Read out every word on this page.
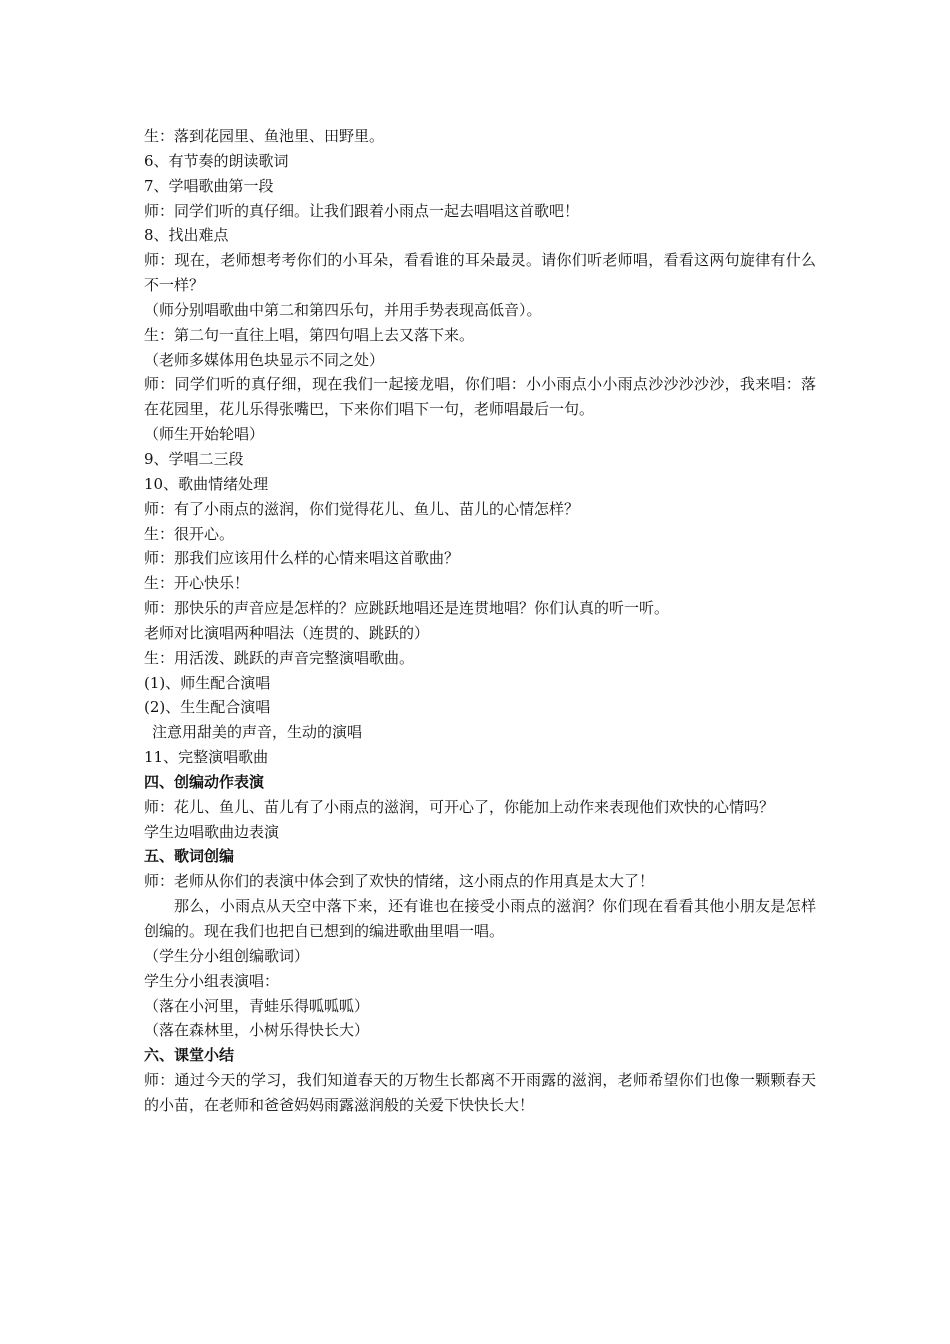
生：落到花园里、鱼池里、田野里。
6、有节奏的朗读歌词
7、学唱歌曲第一段
师：同学们听的真仔细。让我们跟着小雨点一起去唱唱这首歌吧！
8、找出难点
师：现在，老师想考考你们的小耳朵，看看谁的耳朵最灵。请你们听老师唱，看看这两句旋律有什么不一样？
（师分别唱歌曲中第二和第四乐句，并用手势表现高低音）。
生：第二句一直往上唱，第四句唱上去又落下来。
（老师多媒体用色块显示不同之处）
师：同学们听的真仔细，现在我们一起接龙唱，你们唱：小小雨点小小雨点沙沙沙沙沙，我来唱：落在花园里，花儿乐得张嘴巴，下来你们唱下一句，老师唱最后一句。
（师生开始轮唱）
9、学唱二三段
10、歌曲情绪处理
师：有了小雨点的滋润，你们觉得花儿、鱼儿、苗儿的心情怎样？
生：很开心。
师：那我们应该用什么样的心情来唱这首歌曲？
生：开心快乐！
师：那快乐的声音应是怎样的？应跳跃地唱还是连贯地唱？你们认真的听一听。
老师对比演唱两种唱法（连贯的、跳跃的）
生：用活泼、跳跃的声音完整演唱歌曲。
(1)、师生配合演唱
(2)、生生配合演唱
注意用甜美的声音，生动的演唱
11、完整演唱歌曲
四、创编动作表演
师：花儿、鱼儿、苗儿有了小雨点的滋润，可开心了，你能加上动作来表现他们欢快的心情吗？
学生边唱歌曲边表演
五、歌词创编
师：老师从你们的表演中体会到了欢快的情绪，这小雨点的作用真是太大了！
那么，小雨点从天空中落下来，还有谁也在接受小雨点的滋润？你们现在看看其他小朋友是怎样创编的。现在我们也把自已想到的编进歌曲里唱一唱。
（学生分小组创编歌词）
学生分小组表演唱：
（落在小河里，青蛙乐得呱呱呱）
（落在森林里，小树乐得快长大）
六、课堂小结
师：通过今天的学习，我们知道春天的万物生长都离不开雨露的滋润，老师希望你们也像一颗颗春天的小苗，在老师和爸爸妈妈雨露滋润般的关爱下快快长大！
